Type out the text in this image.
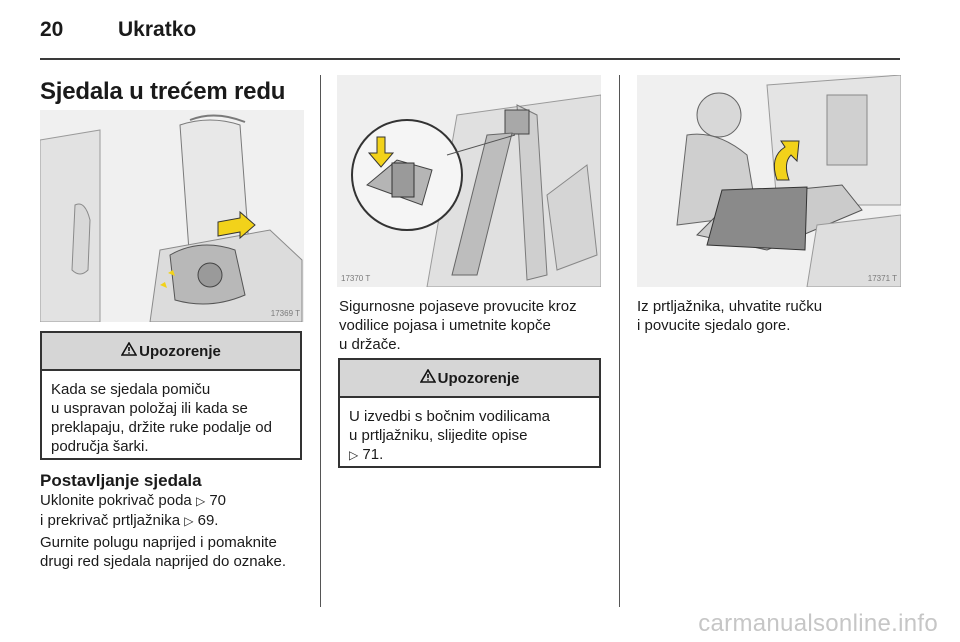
20	Ukratko
Sjedala u trećem redu
17369 T
17370 T	17371 T
Upozorenje
Kada se sjedala pomiču
u uspravan položaj ili kada se
preklapaju, držite ruke podalje od
područja šarki.
Postavljanje sjedala
Uklonite pokrivač poda ▷ 70
i prekrivač prtljažnika ▷ 69.
Gurnite polugu naprijed i pomaknite
drugi red sjedala naprijed do oznake.
Sigurnosne pojaseve provucite kroz
vodilice pojasa i umetnite kopče
u držače.
Upozorenje
U izvedbi s bočnim vodilicama
u prtljažniku, slijedite opise
▷ 71.
Iz prtljažnika, uhvatite ručku
i povucite sjedalo gore.
carmanualsonline.info
